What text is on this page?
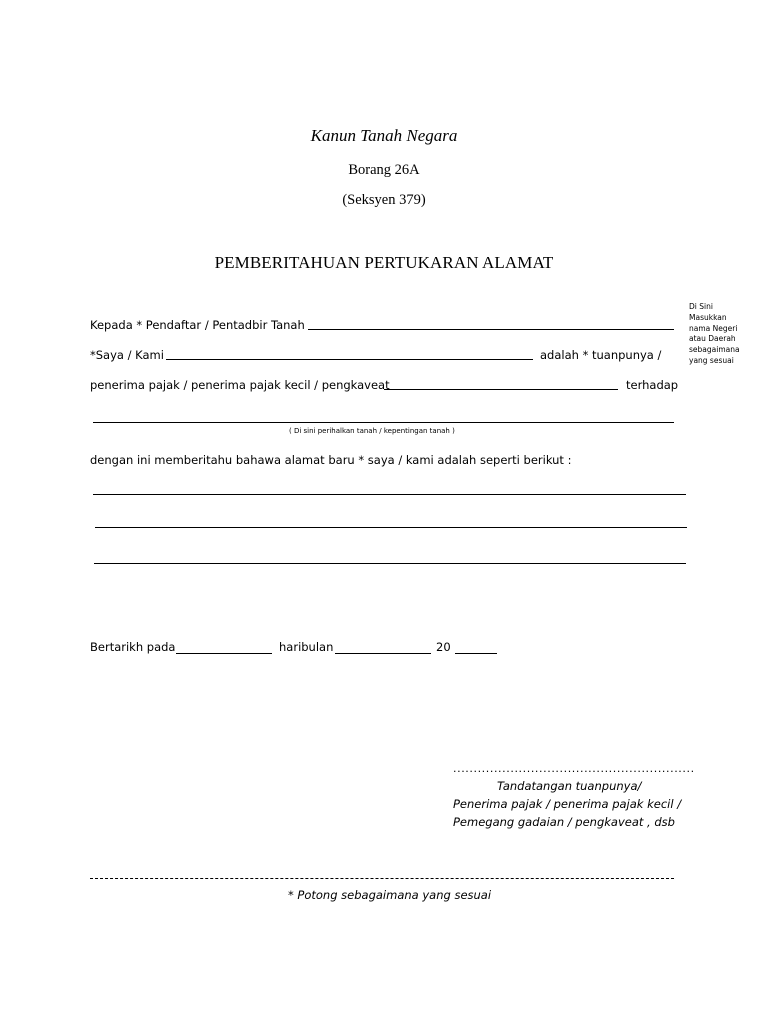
Kanun Tanah Negara
Borang 26A
(Seksyen 379)
PEMBERITAHUAN PERTUKARAN ALAMAT
Di Sini
Masukkan
nama Negeri
atau Daerah
sebagaimana
yang sesuai
Kepada * Pendaftar / Pentadbir Tanah
*Saya / Kami	adalah * tuanpunya /
penerima pajak / penerima pajak kecil / pengkaveat	terhadap
( Di sini perihalkan tanah / kepentingan tanah )
dengan ini memberitahu bahawa alamat baru * saya / kami adalah seperti berikut :
Bertarikh pada	haribulan	20
...........................................................
Tandatangan tuanpunya/
Penerima pajak / penerima pajak kecil /
Pemegang gadaian / pengkaveat , dsb
* Potong sebagaimana yang sesuai
